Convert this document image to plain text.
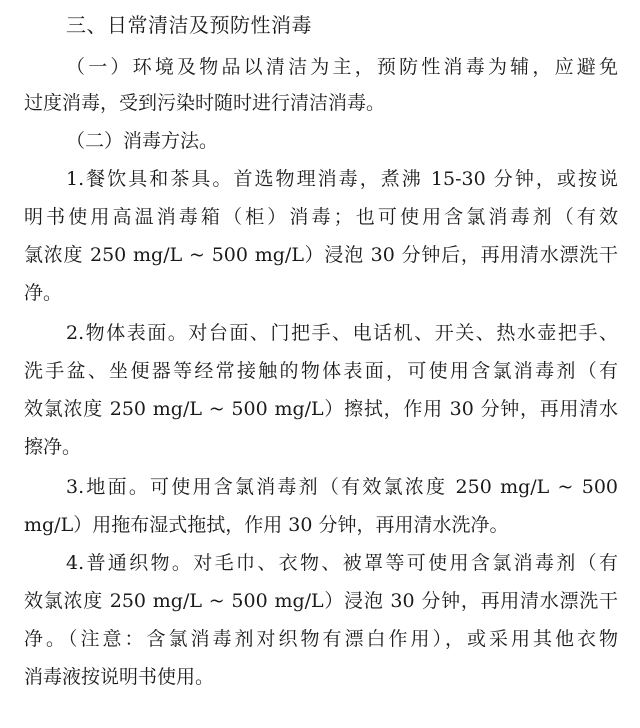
三、日常清洁及预防性消毒
（一）环境及物品以清洁为主，预防性消毒为辅，应避免
过度消毒，受到污染时随时进行清洁消毒。
（二）消毒方法。
1.餐饮具和茶具。首选物理消毒，煮沸 15-30 分钟，或按说
明书使用高温消毒箱（柜）消毒；也可使用含氯消毒剂（有效
氯浓度 250 mg/L ~ 500 mg/L）浸泡 30 分钟后，再用清水漂洗干
净。
2.物体表面。对台面、门把手、电话机、开关、热水壶把手、
洗手盆、坐便器等经常接触的物体表面，可使用含氯消毒剂（有
效氯浓度 250 mg/L ~ 500 mg/L）擦拭，作用 30 分钟，再用清水
擦净。
3.地面。可使用含氯消毒剂（有效氯浓度 250 mg/L ~ 500
mg/L）用拖布湿式拖拭，作用 30 分钟，再用清水洗净。
4.普通织物。对毛巾、衣物、被罩等可使用含氯消毒剂（有
效氯浓度 250 mg/L ~ 500 mg/L）浸泡 30 分钟，再用清水漂洗干
净。（注意：含氯消毒剂对织物有漂白作用），或采用其他衣物
消毒液按说明书使用。
